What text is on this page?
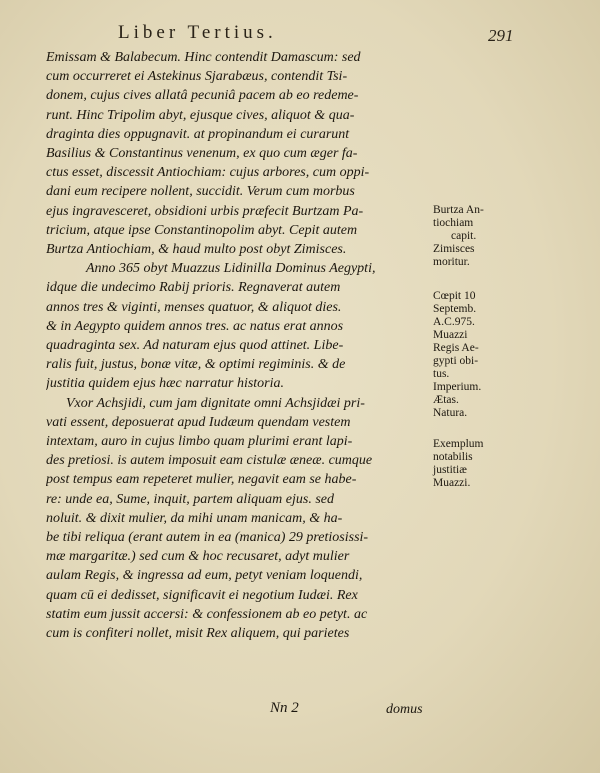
Liber Tertius.	291
Emissam & Balabecum. Hinc contendit Damascum: sed
cum occurreret ei Astekinus Sjarabæus, contendit Tsi-
donem, cujus cives allatâ pecuniâ pacem ab eo redeme-
runt. Hinc Tripolim abyt, ejusque cives, aliquot & qua-
draginta dies oppugnavit. at propinandum ei curarunt
Basilius & Constantinus venenum, ex quo cum æger fa-
ctus esset, discessit Antiochiam: cujus arbores, cum oppi-
dani eum recipere nollent, succidit. Verum cum morbus
ejus ingravesceret, obsidioni urbis præfecit Burtzam Pa-
tricium, atque ipse Constantinopolim abyt. Cepit autem
Burtza Antiochiam, & haud multo post obyt Zimisces.
Anno 365 obyt Muazzus Lidinilla Dominus Aegypti,
idque die undecimo Rabij prioris. Regnaverat autem
annos tres & viginti, menses quatuor, & aliquot dies.
& in Aegypto quidem annos tres. ac natus erat annos
quadraginta sex. Ad naturam ejus quod attinet. Libe-
ralis fuit, justus, bonæ vitæ, & optimi regiminis. & de
justitia quidem ejus hæc narratur historia.
Vxor Achsjidi, cum jam dignitate omni Achsjidæi pri-
vati essent, deposuerat apud Iudæum quendam vestem
intextam, auro in cujus limbo quam plurimi erant lapi-
des pretiosi. is autem imposuit eam cistulæ æneæ. cumque
post tempus eam repeteret mulier, negavit eam se habe-
re: unde ea, Sume, inquit, partem aliquam ejus. sed
noluit. & dixit mulier, da mihi unam manicam, & ha-
be tibi reliqua (erant autem in ea (manica) 29 pretiosissi-
mæ margaritæ.) sed cum & hoc recusaret, adyt mulier
aulam Regis, & ingressa ad eum, petyt veniam loquendi,
quam cū ei dedisset, significavit ei negotium Iudæi. Rex
statim eum jussit accersi: & confessionem ab eo petyt. ac
cum is confiteri nollet, misit Rex aliquem, qui parietes
Burtza An-
tiochiam
capit.
Zimisces
moritur.
Cœpit 10
Septemb.
A.C.975.
Muazzi
Regis Ae-
gypti obi-
tus.
Imperium.
Ætas.
Natura.
Exemplum
notabilis
justitiæ
Muazzi.
Nn 2	domus
